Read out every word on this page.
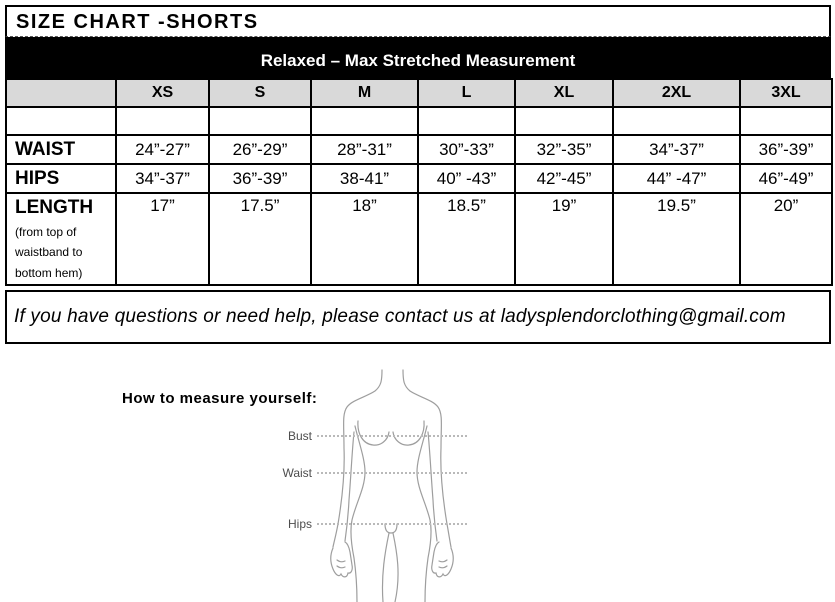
SIZE CHART -SHORTS
Relaxed – Max Stretched Measurement
	XS	S	M	L	XL	2XL	3XL

WAIST	24”-27”	26”-29”	28”-31”	30”-33”	32”-35”	34”-37”	36”-39”
HIPS	34”-37”	36”-39”	38-41”	40” -43”	42”-45”	44” -47”	46”-49”

LENGTH
(from top of waistband to bottom hem)	17”	17.5”	18”	18.5”	19”	19.5”	20”
If you have questions or need help, please contact us at ladysplendorclothing@gmail.com
How to measure yourself:
Bust
Waist
Hips
